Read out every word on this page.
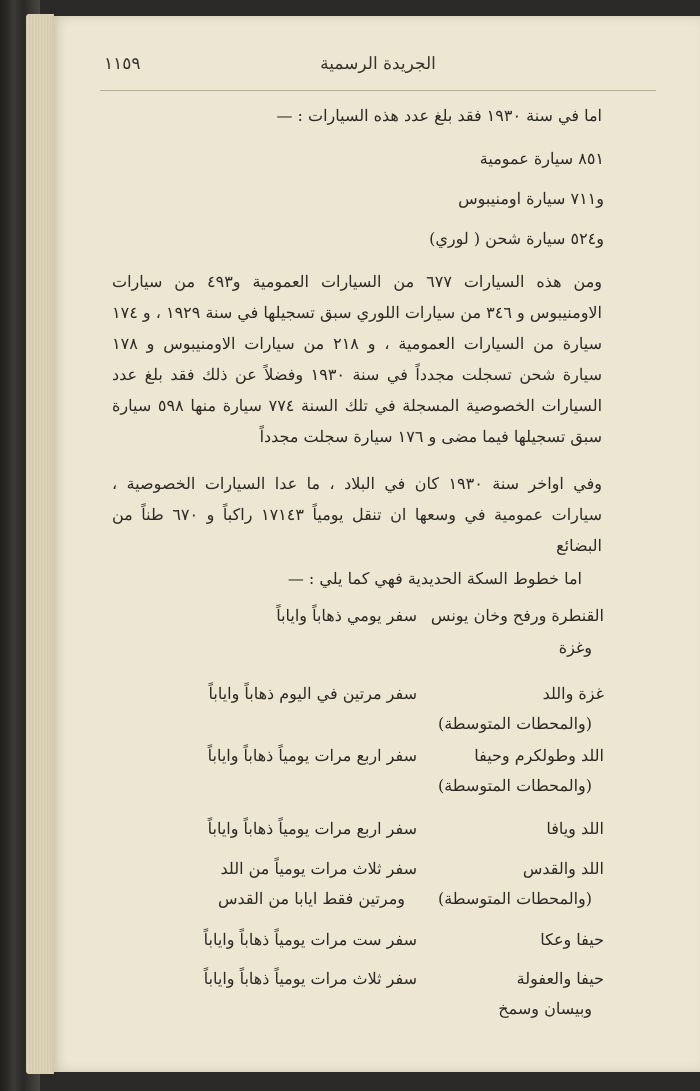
الجريدة الرسمية
١١٥٩
اما في سنة ١٩٣٠ فقد بلغ عدد هذه السيارات : —
٨٥١ سيارة عمومية
و٧١١ سيارة اومنيبوس
و٥٢٤ سيارة شحن ( لوري)
ومن هذه السيارات ٦٧٧ من السيارات العمومية و٤٩٣ من سيارات الاومنيبوس و ٣٤٦ من سيارات اللوري سبق تسجيلها في سنة ١٩٢٩ ، و ١٧٤ سيارة من السيارات العمومية ، و ٢١٨ من سيارات الاومنيبوس و ١٧٨ سيارة شحن تسجلت مجدداً في سنة ١٩٣٠ وفضلاً عن ذلك فقد بلغ عدد السيارات الخصوصية المسجلة في تلك السنة ٧٧٤ سيارة منها ٥٩٨ سيارة سبق تسجيلها فيما مضى و ١٧٦ سيارة سجلت مجدداً
وفي اواخر سنة ١٩٣٠ كان في البلاد ، ما عدا السيارات الخصوصية ، سيارات عمومية في وسعها ان تنقل يومياً ١٧١٤٣ راكباً و ٦٧٠ طناً من البضائع
اما خطوط السكة الحديدية فهي كما يلي : —
القنطرة ورفح وخان يونس
سفر يومي ذهاباً واياباً
وغزة
غزة واللد
سفر مرتين في اليوم ذهاباً واياباً
(والمحطات المتوسطة)
اللد وطولكرم وحيفا
سفر اربع مرات يومياً ذهاباً واياباً
(والمحطات المتوسطة)
اللد ويافا
سفر اربع مرات يومياً ذهاباً واياباً
اللد والقدس
سفر ثلاث مرات يومياً من اللد
(والمحطات المتوسطة)
ومرتين فقط ايابا من القدس
حيفا وعكا
سفر ست مرات يومياً ذهاباً واياباً
حيفا والعفولة
سفر ثلاث مرات يومياً ذهاباً واياباً
وبيسان وسمخ
